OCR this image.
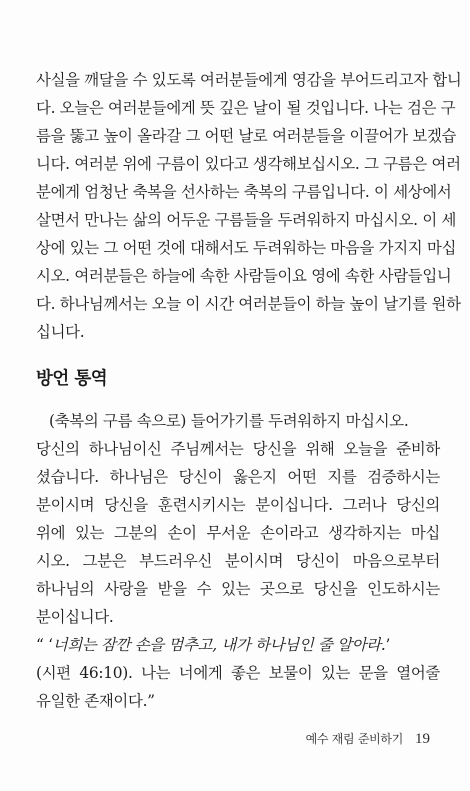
사실을 깨달을 수 있도록 여러분들에게 영감을 부어드리고자 합니
다. 오늘은 여러분들에게 뜻 깊은 날이 될 것입니다. 나는 검은 구
름을 뚫고 높이 올라갈 그 어떤 날로 여러분들을 이끌어가 보겠습
니다. 여러분 위에 구름이 있다고 생각해보십시오. 그 구름은 여러
분에게 엄청난 축복을 선사하는 축복의 구름입니다. 이 세상에서
살면서 만나는 삶의 어두운 구름들을 두려워하지 마십시오. 이 세
상에 있는 그 어떤 것에 대해서도 두려워하는 마음을 가지지 마십
시오. 여러분들은 하늘에 속한 사람들이요 영에 속한 사람들입니
다. 하나님께서는 오늘 이 시간 여러분들이 하늘 높이 날기를 원하
십니다.
방언 통역
(축복의 구름 속으로) 들어가기를 두려워하지 마십시오.
당신의 하나님이신 주님께서는 당신을 위해 오늘을 준비하
셨습니다. 하나님은 당신이 옳은지 어떤 지를 검증하시는
분이시며 당신을 훈련시키시는 분이십니다. 그러나 당신의
위에 있는 그분의 손이 무서운 손이라고 생각하지는 마십
시오. 그분은 부드러우신 분이시며 당신이 마음으로부터
하나님의 사랑을 받을 수 있는 곳으로 당신을 인도하시는
분이십니다.
“ ‘너희는 잠깐 손을 멈추고, 내가 하나님인 줄 알아라.’
(시편 46:10). 나는 너에게 좋은 보물이 있는 문을 열어줄
유일한 존재이다.”
예수 재림 준비하기 19
